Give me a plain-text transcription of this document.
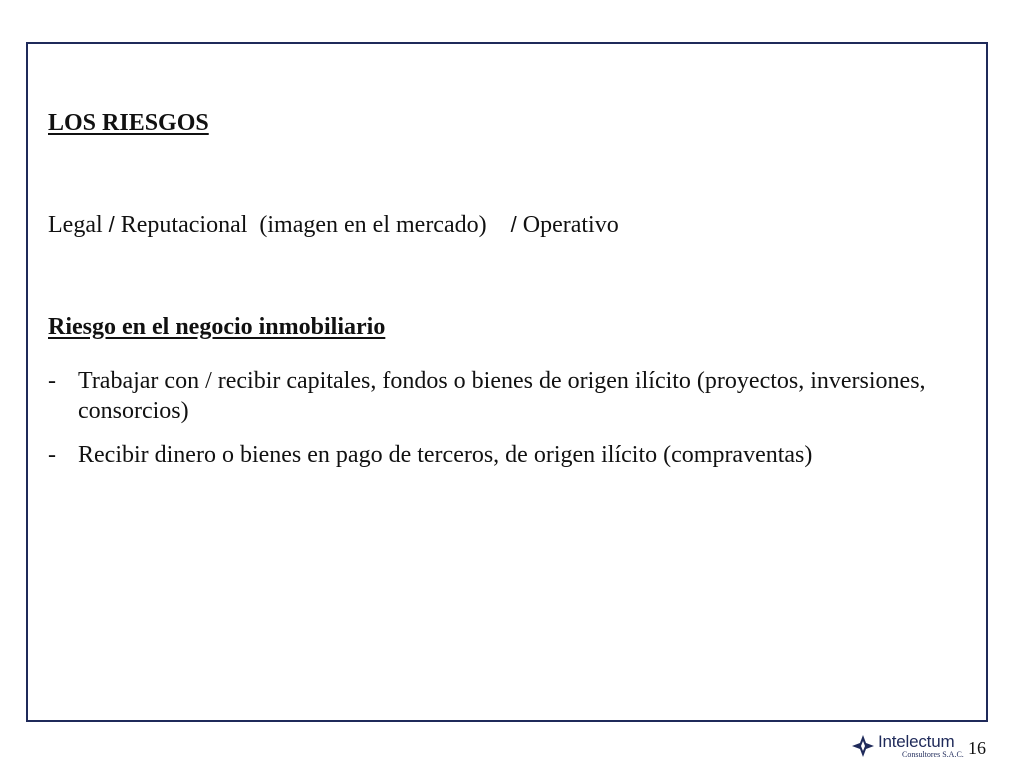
LOS RIESGOS
Legal / Reputacional  (imagen en el mercado) / Operativo
Riesgo en el negocio inmobiliario
- Trabajar con / recibir capitales, fondos o bienes de origen ilícito (proyectos, inversiones, consorcios)
- Recibir dinero o bienes en pago de terceros, de origen ilícito (compraventas)
Intelectum
Consultores S.A.C. 16
